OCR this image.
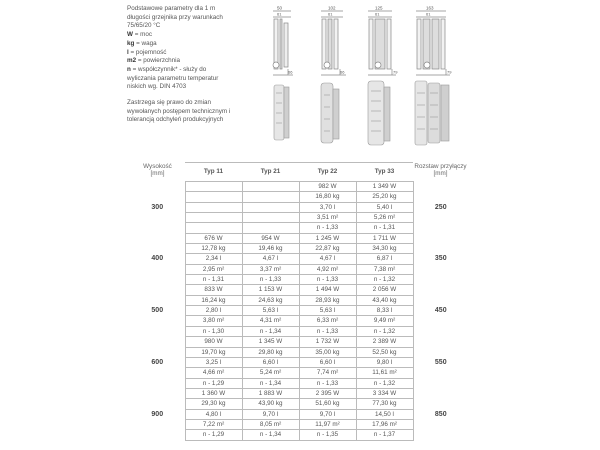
Podstawowe parametry dla 1 m
długości grzejnika przy warunkach
75/65/20 °C
W = moc
kg = waga
l = pojemność
m2 = powierzchnia
n = współczynnik* - służy do
wyliczania parametru temperatur
niskich wg. DIN 4703
Zastrzega się prawo do zmian
wywołanych postępem technicznym i
tolerancją odchyleń produkcyjnych
50
61
66
102
61
66
125
61
79
163
61
79
Wysokość
[mm]	Typ 11	Typ 21	Typ 22	Typ 33	Rozstaw przyłączy
[mm]
300			982 W	1 349 W	250
			16,80 kg	25,20 kg	
			3,70 l	5,40 l	
			3,51 m²	5,26 m²	
			n - 1,33	n - 1,31	
400	676 W	954 W	1 245 W	1 711 W	350
	12,78 kg	19,46 kg	22,87 kg	34,30 kg	
	2,34 l	4,67 l	4,67 l	6,87 l	
	2,95 m²	3,37 m²	4,92 m²	7,38 m²	
	n - 1,31	n - 1,33	n - 1,33	n - 1,32	
500	833 W	1 153 W	1 494 W	2 056 W	450
	16,24 kg	24,63 kg	28,93 kg	43,40 kg	
	2,80 l	5,63 l	5,63 l	8,33 l	
	3,80 m²	4,31 m²	6,33 m²	9,49 m²	
	n - 1,30	n - 1,34	n - 1,33	n - 1,32	
600	980 W	1 345 W	1 732 W	2 389 W	550
	19,70 kg	29,80 kg	35,00 kg	52,50 kg	
	3,25 l	6,60 l	6,60 l	9,80 l	
	4,66 m²	5,24 m²	7,74 m²	11,61 m²	
	n - 1,29	n - 1,34	n - 1,33	n - 1,32	
900	1 360 W	1 883 W	2 395 W	3 334 W	850
	29,30 kg	43,90 kg	51,60 kg	77,30 kg	
	4,80 l	9,70 l	9,70 l	14,50 l	
	7,22 m²	8,05 m²	11,97 m²	17,96 m²	
	n - 1,29	n - 1,34	n - 1,35	n - 1,37	
